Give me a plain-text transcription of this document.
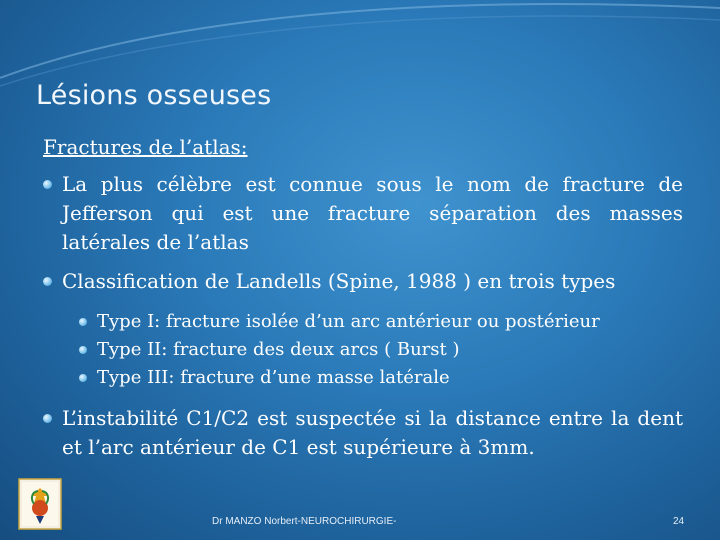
Lésions osseuses
Fractures de l’atlas:
La plus célèbre est connue sous le nom de fracture de Jefferson qui est une fracture séparation des masses latérales de l’atlas
Classification de Landells (Spine, 1988 ) en trois types
Type I: fracture isolée d’un arc antérieur ou postérieur
Type II: fracture des deux arcs ( Burst )
Type III: fracture d’une masse latérale
L’instabilité C1/C2 est suspectée si la distance entre la dent et l’arc antérieur de C1 est supérieure à 3mm.
Dr MANZO Norbert-NEUROCHIRURGIE-	24
